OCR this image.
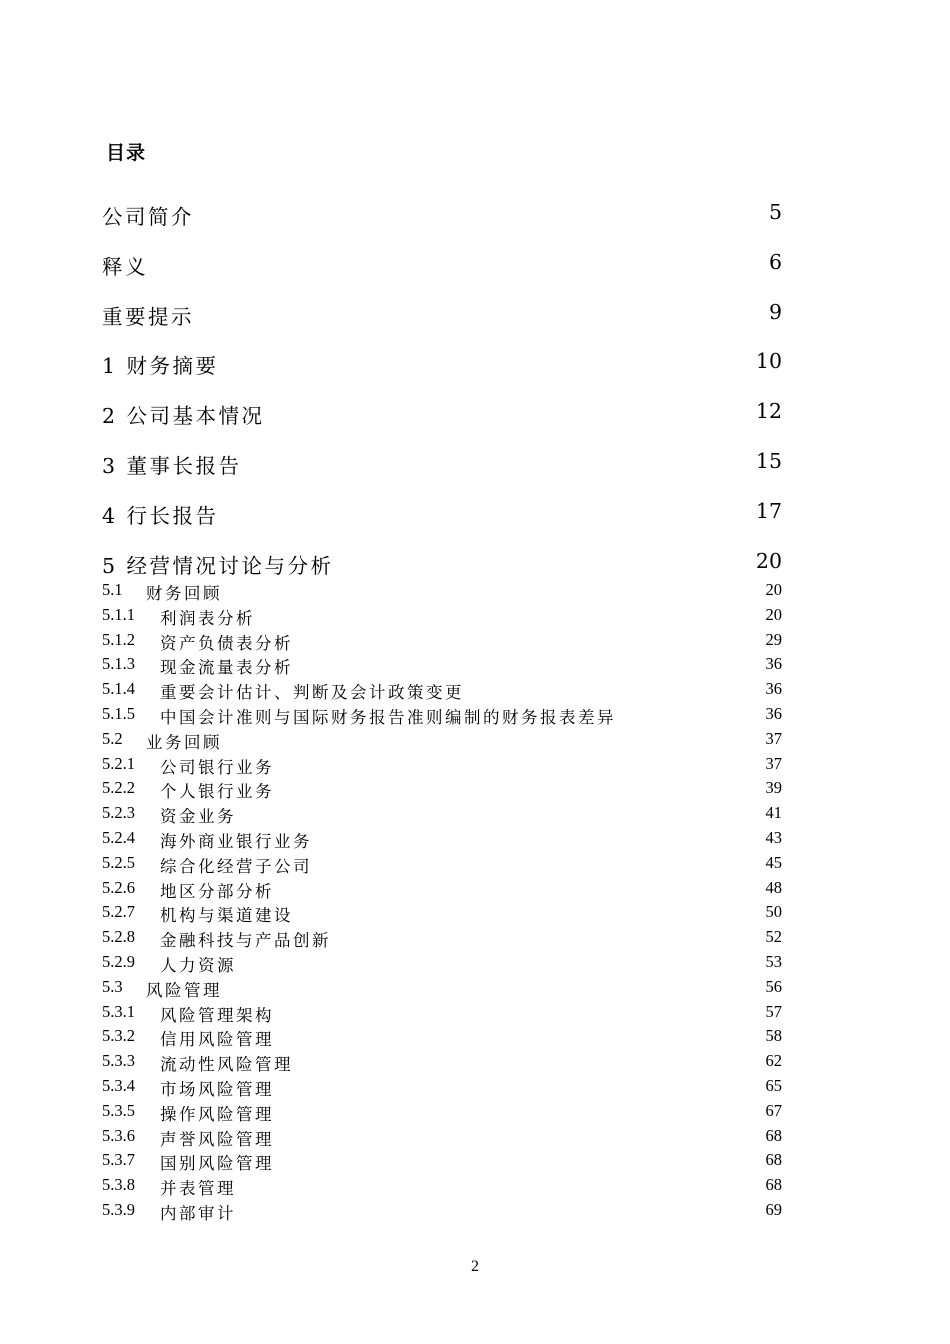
目录
公司简介	5
释义	6
重要提示	9
1 财务摘要	10
2 公司基本情况	12
3 董事长报告	15
4 行长报告	17
5 经营情况讨论与分析	20
5.1 财务回顾	20
5.1.1 利润表分析	20
5.1.2 资产负债表分析	29
5.1.3 现金流量表分析	36
5.1.4 重要会计估计、判断及会计政策变更	36
5.1.5 中国会计准则与国际财务报告准则编制的财务报表差异	36
5.2 业务回顾	37
5.2.1 公司银行业务	37
5.2.2 个人银行业务	39
5.2.3 资金业务	41
5.2.4 海外商业银行业务	43
5.2.5 综合化经营子公司	45
5.2.6 地区分部分析	48
5.2.7 机构与渠道建设	50
5.2.8 金融科技与产品创新	52
5.2.9 人力资源	53
5.3 风险管理	56
5.3.1 风险管理架构	57
5.3.2 信用风险管理	58
5.3.3 流动性风险管理	62
5.3.4 市场风险管理	65
5.3.5 操作风险管理	67
5.3.6 声誉风险管理	68
5.3.7 国别风险管理	68
5.3.8 并表管理	68
5.3.9 内部审计	69
2
